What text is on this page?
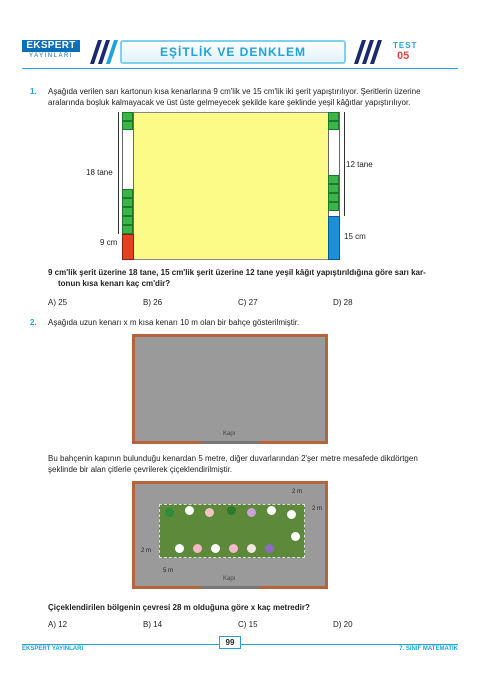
EKSPERT
YAYINLARI	EŞİTLİK VE DENKLEM	TEST
05
1. Aşağıda verilen sarı kartonun kısa kenarlarına 9 cm'lik ve 15 cm'lik iki şerit yapıştırılıyor. Şeritlerin üzerine
aralarında boşluk kalmayacak ve üst üste gelmeyecek şekilde kare şeklinde yeşil kâğıtlar yapıştırılıyor.
18 tane
9 cm
12 tane
15 cm
9 cm'lik şerit üzerine 18 tane, 15 cm'lik şerit üzerine 12 tane yeşil kâğıt yapıştırıldığına göre sarı kar-
tonun kısa kenarı kaç cm'dir?
A) 25	B) 26	C) 27	D) 28
2. Aşağıda uzun kenarı x m kısa kenarı 10 m olan bir bahçe gösterilmiştir.
Kapı
Bu bahçenin kapının bulunduğu kenardan 5 metre, diğer duvarlarından 2'şer metre mesafede dikdörtgen
şeklinde bir alan çitlerle çevrilerek çiçeklendirilmiştir.
2 m
2 m
2 m
5 m
Kapı
Çiçeklendirilen bölgenin çevresi 28 m olduğuna göre x kaç metredir?
A) 12	B) 14	C) 15	D) 20
EKSPERT YAYINLARI
99
7. SINIF MATEMATİK
